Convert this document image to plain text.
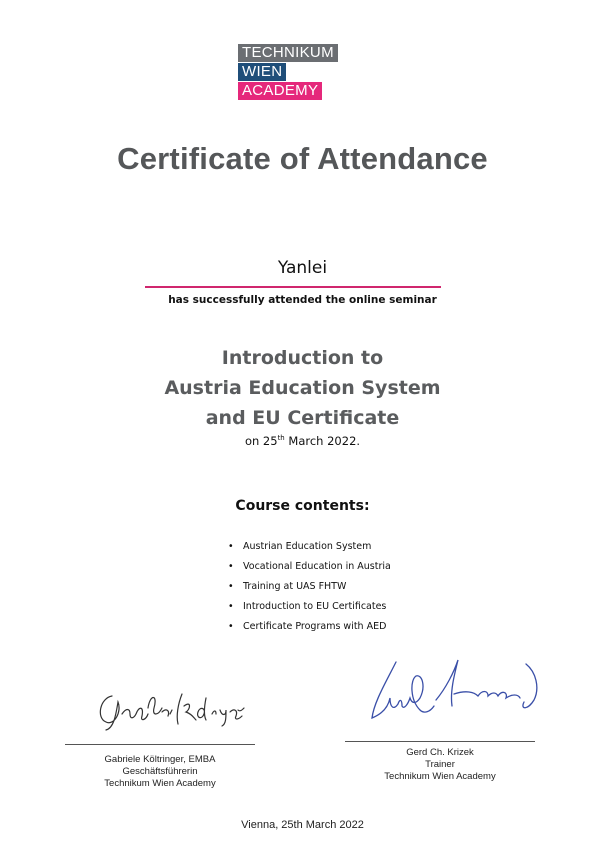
TECHNIKUM
WIEN
ACADEMY
Certificate of Attendance
Yanlei
has successfully attended the online seminar
Introduction to
Austria Education System
and EU Certificate
on 25th March 2022.
Course contents:
• Austrian Education System
• Vocational Education in Austria
• Training at UAS FHTW
• Introduction to EU Certificates
• Certificate Programs with AED
Gabriele Költringer, EMBA
Geschäftsführerin
Technikum Wien Academy
Gerd Ch. Krizek
Trainer
Technikum Wien Academy
Vienna, 25th March 2022
